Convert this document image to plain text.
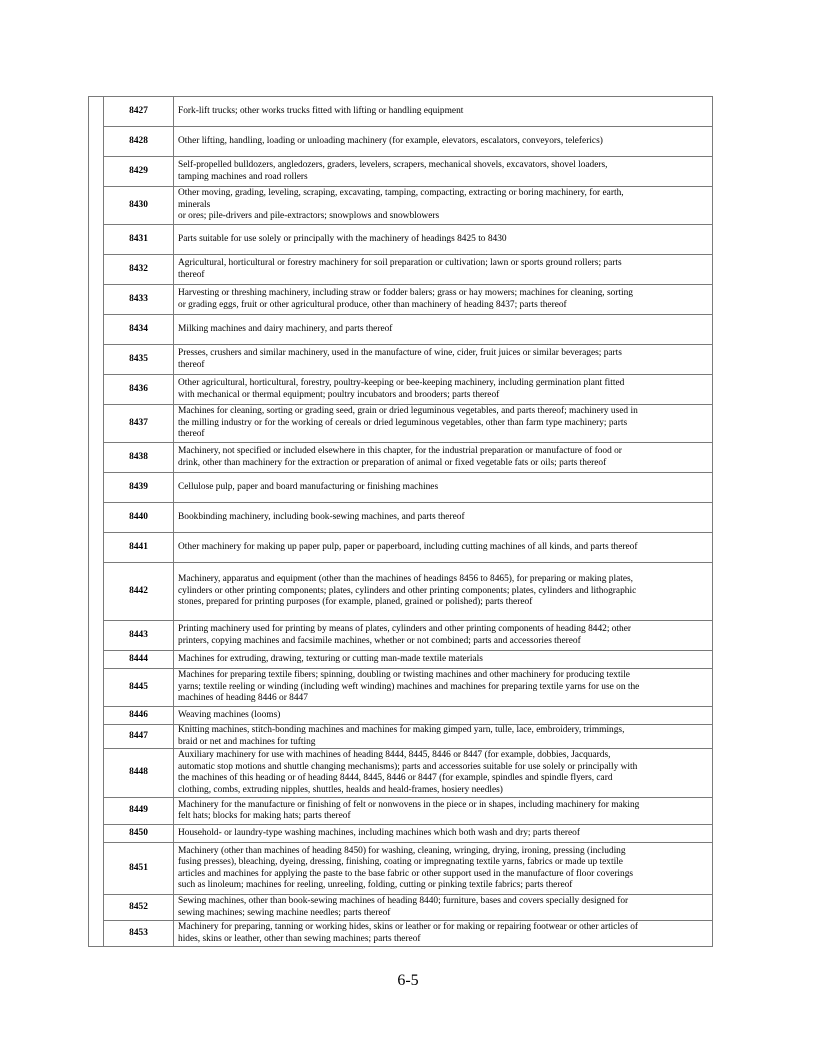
	8427	Fork-lift trucks; other works trucks fitted with lifting or handling equipment
	8428	Other lifting, handling, loading or unloading machinery (for example, elevators, escalators, conveyors, teleferics)
	8429	Self-propelled bulldozers, angledozers, graders, levelers, scrapers, mechanical shovels, excavators, shovel loaders,
tamping machines and road rollers
	8430	Other moving, grading, leveling, scraping, excavating, tamping, compacting, extracting or boring machinery, for earth,
minerals
or ores; pile-drivers and pile-extractors; snowplows and snowblowers
	8431	Parts suitable for use solely or principally with the machinery of headings 8425 to 8430
	8432	Agricultural, horticultural or forestry machinery for soil preparation or cultivation; lawn or sports ground rollers; parts
thereof
	8433	Harvesting or threshing machinery, including straw or fodder balers; grass or hay mowers; machines for cleaning, sorting
or grading eggs, fruit or other agricultural produce, other than machinery of heading 8437; parts thereof
	8434	Milking machines and dairy machinery, and parts thereof
	8435	Presses, crushers and similar machinery, used in the manufacture of wine, cider, fruit juices or similar beverages; parts
thereof
	8436	Other agricultural, horticultural, forestry, poultry-keeping or bee-keeping machinery, including germination plant fitted
with mechanical or thermal equipment; poultry incubators and brooders; parts thereof
	8437	Machines for cleaning, sorting or grading seed, grain or dried leguminous vegetables, and parts thereof; machinery used in
the milling industry or for the working of cereals or dried leguminous vegetables, other than farm type machinery; parts
thereof
	8438	Machinery, not specified or included elsewhere in this chapter, for the industrial preparation or manufacture of food or
drink, other than machinery for the extraction or preparation of animal or fixed vegetable fats or oils; parts thereof
	8439	Cellulose pulp, paper and board manufacturing or finishing machines
	8440	Bookbinding machinery, including book-sewing machines, and parts thereof
	8441	Other machinery for making up paper pulp, paper or paperboard, including cutting machines of all kinds, and parts thereof
	8442	Machinery, apparatus and equipment (other than the machines of headings 8456 to 8465), for preparing or making plates,
cylinders or other printing components; plates, cylinders and other printing components; plates, cylinders and lithographic
stones, prepared for printing purposes (for example, planed, grained or polished); parts thereof
	8443	Printing machinery used for printing by means of plates, cylinders and other printing components of heading 8442; other
printers, copying machines and facsimile machines, whether or not combined; parts and accessories thereof
	8444	Machines for extruding, drawing, texturing or cutting man-made textile materials
	8445	Machines for preparing textile fibers; spinning, doubling or twisting machines and other machinery for producing textile
yarns; textile reeling or winding (including weft winding) machines and machines for preparing textile yarns for use on the
machines of heading 8446 or 8447
	8446	Weaving machines (looms)
	8447	Knitting machines, stitch-bonding machines and machines for making gimped yarn, tulle, lace, embroidery, trimmings,
braid or net and machines for tufting
	8448	Auxiliary machinery for use with machines of heading 8444, 8445, 8446 or 8447 (for example, dobbies, Jacquards,
automatic stop motions and shuttle changing mechanisms); parts and accessories suitable for use solely or principally with
the machines of this heading or of heading 8444, 8445, 8446 or 8447 (for example, spindles and spindle flyers, card
clothing, combs, extruding nipples, shuttles, healds and heald-frames, hosiery needles)
	8449	Machinery for the manufacture or finishing of felt or nonwovens in the piece or in shapes, including machinery for making
felt hats; blocks for making hats; parts thereof
	8450	Household- or laundry-type washing machines, including machines which both wash and dry; parts thereof
	8451	Machinery (other than machines of heading 8450) for washing, cleaning, wringing, drying, ironing, pressing (including
fusing presses), bleaching, dyeing, dressing, finishing, coating or impregnating textile yarns, fabrics or made up textile
articles and machines for applying the paste to the base fabric or other support used in the manufacture of floor coverings
such as linoleum; machines for reeling, unreeling, folding, cutting or pinking textile fabrics; parts thereof
	8452	Sewing machines, other than book-sewing machines of heading 8440; furniture, bases and covers specially designed for
sewing machines; sewing machine needles; parts thereof
	8453	Machinery for preparing, tanning or working hides, skins or leather or for making or repairing footwear or other articles of
hides, skins or leather, other than sewing machines; parts thereof
6-5
